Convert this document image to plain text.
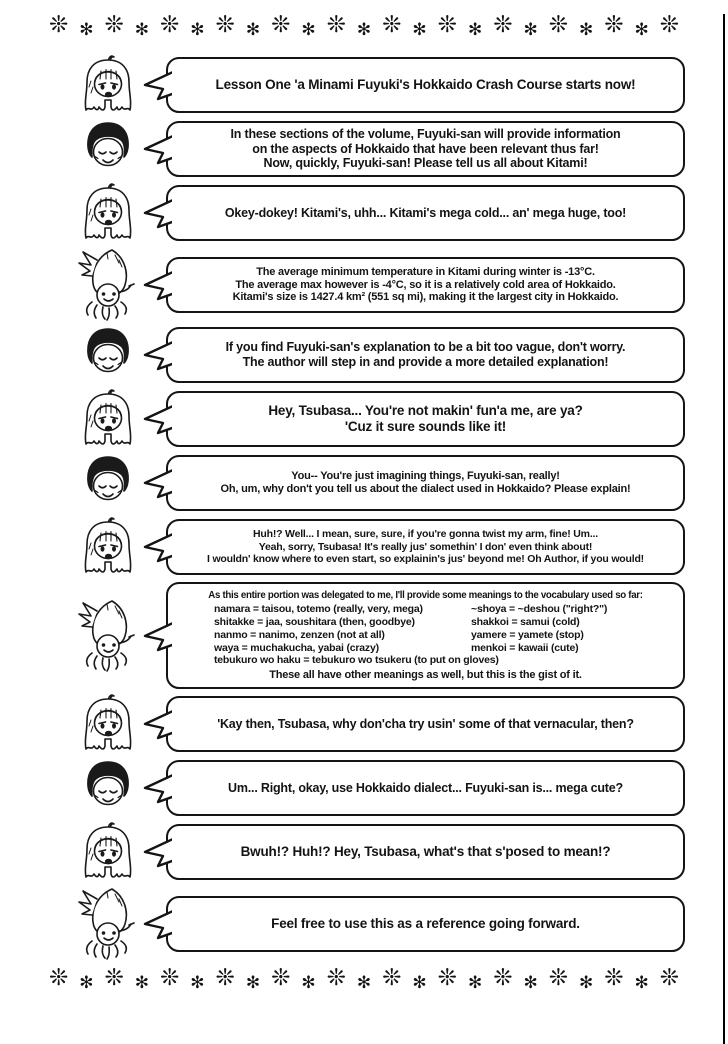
❊ ✻ ❊ ✻ ❊ ✻ ❊ ✻ ❊ ✻ ❊ ✻ ❊ ✻ ❊ ✻ ❊ ✻ ❊ ✻ ❊ ✻ ❊
Lesson One 'a Minami Fuyuki's Hokkaido Crash Course starts now!
In these sections of the volume, Fuyuki-san will provide information
on the aspects of Hokkaido that have been relevant thus far!
Now, quickly, Fuyuki-san! Please tell us all about Kitami!
Okey-dokey! Kitami's, uhh... Kitami's mega cold... an' mega huge, too!
The average minimum temperature in Kitami during winter is -13°C.
The average max however is -4°C, so it is a relatively cold area of Hokkaido.
Kitami's size is 1427.4 km² (551 sq mi), making it the largest city in Hokkaido.
If you find Fuyuki-san's explanation to be a bit too vague, don't worry.
The author will step in and provide a more detailed explanation!
Hey, Tsubasa... You're not makin' fun'a me, are ya?
'Cuz it sure sounds like it!
You-- You're just imagining things, Fuyuki-san, really!
Oh, um, why don't you tell us about the dialect used in Hokkaido? Please explain!
Huh!? Well... I mean, sure, sure, if you're gonna twist my arm, fine! Um...
Yeah, sorry, Tsubasa! It's really jus' somethin' I don' even think about!
I wouldn' know where to even start, so explainin's jus' beyond me! Oh Author, if you would!
As this entire portion was delegated to me, I'll provide some meanings to the vocabulary used so far:
namara = taisou, totemo (really, very, mega)
shitakke = jaa, soushitara (then, goodbye)
nanmo = nanimo, zenzen (not at all)
waya = muchakucha, yabai (crazy)
~shoya = ~deshou ("right?")
shakkoi = samui (cold)
yamere = yamete (stop)
menkoi = kawaii (cute)
tebukuro wo haku = tebukuro wo tsukeru (to put on gloves)
These all have other meanings as well, but this is the gist of it.
'Kay then, Tsubasa, why don'cha try usin' some of that vernacular, then?
Um... Right, okay, use Hokkaido dialect... Fuyuki-san is... mega cute?
Bwuh!? Huh!? Hey, Tsubasa, what's that s'posed to mean!?
Feel free to use this as a reference going forward.
❊ ✻ ❊ ✻ ❊ ✻ ❊ ✻ ❊ ✻ ❊ ✻ ❊ ✻ ❊ ✻ ❊ ✻ ❊ ✻ ❊ ✻ ❊
